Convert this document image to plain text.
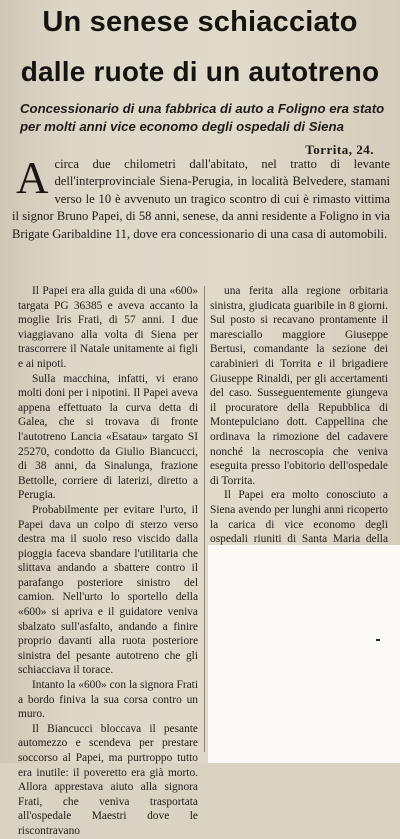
Un senese schiacciato
dalle ruote di un autotreno

Concessionario di una fabbrica di auto a Foligno era stato per molti anni vice economo degli ospedali di Siena

Torrita, 24.

Acirca due chilometri dall'abitato, nel tratto di levante dell'interprovinciale Siena-Perugia, in località Belvedere, stamani verso le 10 è avvenuto un tragico scontro di cui è rimasto vittima il signor Bruno Papei, di 58 anni, senese, da anni residente a Foligno in via Brigate Garibaldine 11, dove era concessionario di una casa di automobili.

Il Papei era alla guida di una «600» targata PG 36385 e aveva accanto la moglie Iris Frati, di 57 anni. I due viaggiavano alla volta di Siena per trascorrere il Natale unitamente ai figli e ai nipoti.

Sulla macchina, infatti, vi erano molti doni per i nipotini. Il Papei aveva appena effettuato la curva detta di Galea, che si trovava di fronte l'autotreno Lancia «Esatau» targato SI 25270, condotto da Giulio Biancucci, di 38 anni, da Sinalunga, frazione Bettolle, corriere di laterizi, diretto a Perugia.

Probabilmente per evitare l'urto, il Papei dava un colpo di sterzo verso destra ma il suolo reso viscido dalla pioggia faceva sbandare l'utilitaria che slittava andando a sbattere contro il parafango posteriore sinistro del camion. Nell'urto lo sportello della «600» si apriva e il guidatore veniva sbalzato sull'asfalto, andando a finire proprio davanti alla ruota posteriore sinistra del pesante autotreno che gli schiacciava il torace.

Intanto la «600» con la signora Frati a bordo finiva la sua corsa contro un muro.

Il Biancucci bloccava il pesante automezzo e scendeva per prestare soccorso al Papei, ma purtroppo tutto era inutile: il poveretto era già morto. Allora apprestava aiuto alla signora Frati, che veniva trasportata all'ospedale Maestri dove le riscontravano

una ferita alla regione orbitaria sinistra, giudicata guaribile in 8 giorni. Sul posto si recavano prontamente il maresciallo maggiore Giuseppe Bertusi, comandante la sezione dei carabinieri di Torrita e il brigadiere Giuseppe Rinaldi, per gli accertamenti del caso. Susseguentemente giungeva il procuratore della Repubblica di Montepulciano dott. Cappellina che ordinava la rimozione del cadavere nonché la necroscopia che veniva eseguita presso l'obitorio dell'ospedale di Torrita.

Il Papei era molto conosciuto a Siena avendo per lunghi anni ricoperto la carica di vice economo degli ospedali riuniti di Santa Maria della
